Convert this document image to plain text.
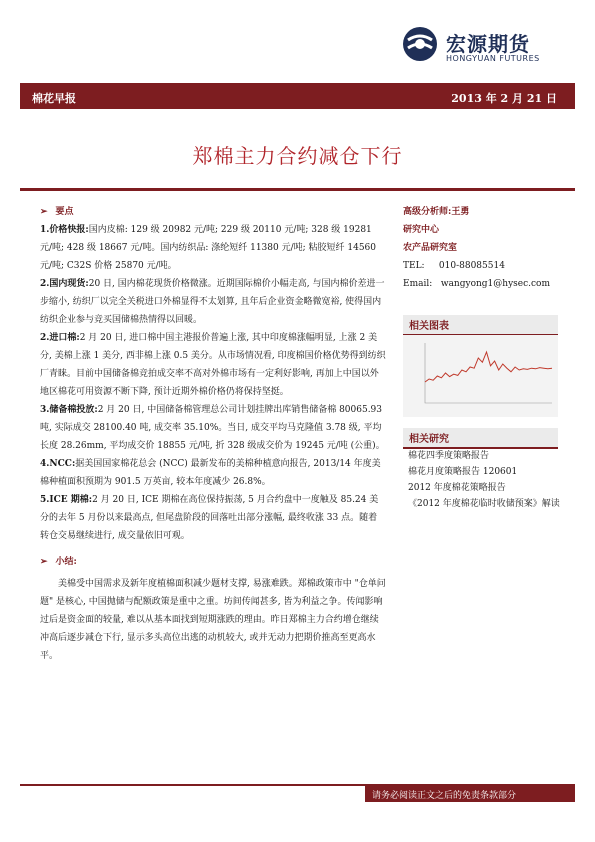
宏源期货
HONGYUAN FUTURES
棉花早报	2013 年 2 月 21 日
郑棉主力合约减仓下行
➢ 要点

1.价格快报:国内皮棉: 129 级 20982 元/吨; 229 级 20110 元/吨; 328 级 19281 元/吨; 428 级 18667 元/吨。国内纺织品: 涤纶短纤 11380 元/吨; 粘胶短纤 14560 元/吨; C32S 价格 25870 元/吨。

2.国内现货:20 日, 国内棉花现货价格微涨。近期国际棉价小幅走高, 与国内棉价差进一步缩小, 纺织厂以完全关税进口外棉显得不太划算, 且年后企业资金略微宽裕, 使得国内纺织企业参与竞买国储棉热情得以回暖。

2.进口棉:2 月 20 日, 进口棉中国主港报价普遍上涨, 其中印度棉涨幅明显, 上涨 2 美分, 美棉上涨 1 美分, 西非棉上涨 0.5 美分。从市场情况看, 印度棉国价格优势得到纺织厂青睐。目前中国储备棉竞拍成交率不高对外棉市场有一定利好影响, 再加上中国以外地区棉花可用资源不断下降, 预计近期外棉价格仍将保持坚挺。

3.储备棉投放:2 月 20 日, 中国储备棉管理总公司计划挂牌出库销售储备棉 80065.93 吨, 实际成交 28100.40 吨, 成交率 35.10%。当日, 成交平均马克隆值 3.78 级, 平均长度 28.26mm, 平均成交价 18855 元/吨, 折 328 级成交价为 19245 元/吨 (公重)。

4.NCC:据美国国家棉花总会 (NCC) 最新发布的美棉种植意向报告, 2013/14 年度美棉种植面积预期为 901.5 万英亩, 较本年度减少 26.8%。

5.ICE 期棉:2 月 20 日, ICE 期棉在高位保持振荡, 5 月合约盘中一度触及 85.24 美分的去年 5 月份以来最高点, 但尾盘阶段的回落吐出部分涨幅, 最终收涨 33 点。随着转仓交易继续进行, 成交量依旧可观。

➢ 小结:

美棉受中国需求及新年度植棉面积减少题材支撑, 易涨难跌。郑棉政策市中 "仓单问题" 是核心, 中国抛储与配额政策是重中之重。坊间传闻甚多, 皆为利益之争。传闻影响过后是资金面的较量, 难以从基本面找到短期涨跌的理由。昨日郑棉主力合约增仓继续冲高后逐步减仓下行, 显示多头高位出逃的动机较大, 或并无动力把期价推高至更高水平。

高级分析师:王勇
研究中心
农产品研究室
TEL: 010-88085514
Email: wangyong1@hysec.com
相关图表
相关研究
棉花四季度策略报告
棉花月度策略报告 120601
2012 年度棉花策略报告
《2012 年度棉花临时收储预案》解读
请务必阅读正文之后的免责条款部分
